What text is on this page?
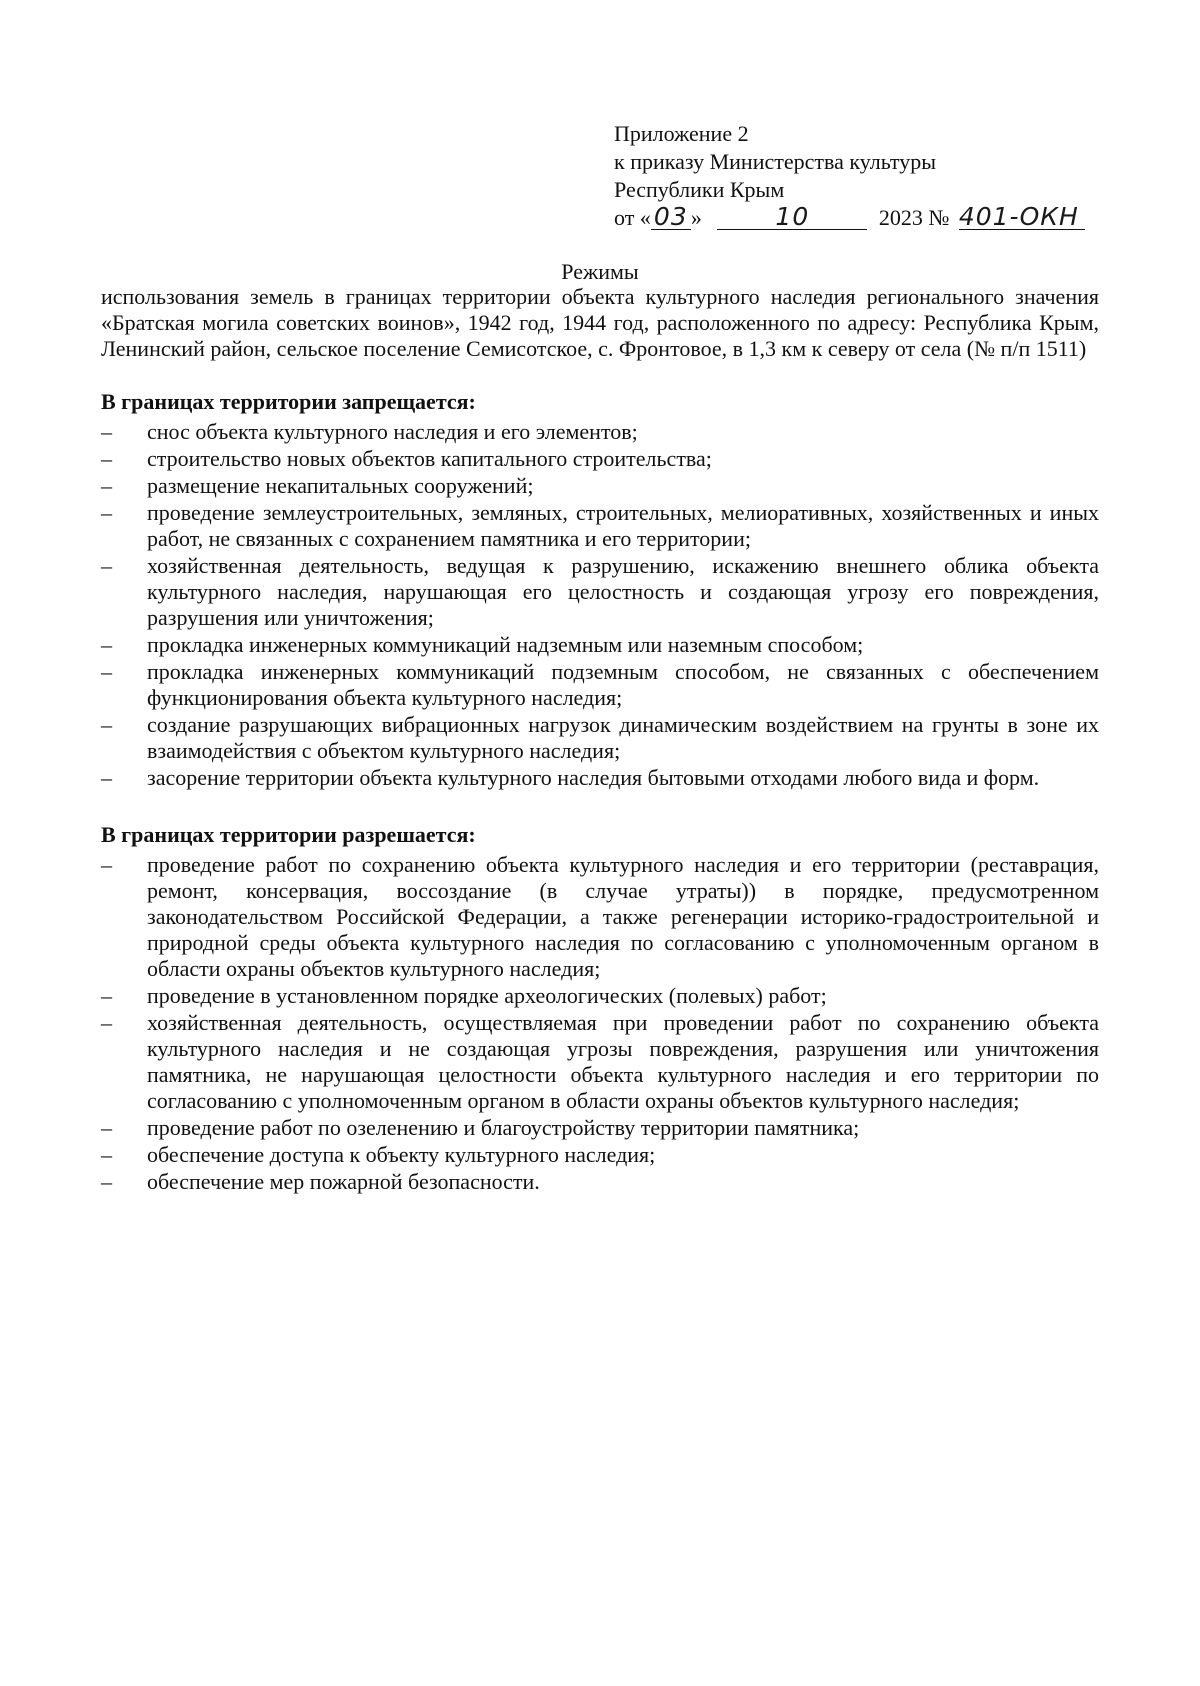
Приложение 2
к приказу Министерства культуры
Республики Крым
от « 03 »	10	2023 № 401-ОКН
Режимы

использования земель в границах территории объекта культурного наследия регионального значения «Братская могила советских воинов», 1942 год, 1944 год, расположенного по адресу: Республика Крым, Ленинский район, сельское поселение Семисотское, с. Фронтовое, в 1,3 км к северу от села (№ п/п 1511)

В границах территории запрещается:
–	снос объекта культурного наследия и его элементов;
–	строительство новых объектов капитального строительства;
–	размещение некапитальных сооружений;
–	проведение землеустроительных, земляных, строительных, мелиоративных, хозяйственных и иных работ, не связанных с сохранением памятника и его территории;
–	хозяйственная деятельность, ведущая к разрушению, искажению внешнего облика объекта культурного наследия, нарушающая его целостность и создающая угрозу его повреждения, разрушения или уничтожения;
–	прокладка инженерных коммуникаций надземным или наземным способом;
–	прокладка инженерных коммуникаций подземным способом, не связанных с обеспечением функционирования объекта культурного наследия;
–	создание разрушающих вибрационных нагрузок динамическим воздействием на грунты в зоне их взаимодействия с объектом культурного наследия;
–	засорение территории объекта культурного наследия бытовыми отходами любого вида и форм.
В границах территории разрешается:
–	проведение работ по сохранению объекта культурного наследия и его территории (реставрация, ремонт, консервация, воссоздание (в случае утраты)) в порядке, предусмотренном законодательством Российской Федерации, а также регенерации историко-градостроительной и природной среды объекта культурного наследия по согласованию с уполномоченным органом в области охраны объектов культурного наследия;
–	проведение в установленном порядке археологических (полевых) работ;
–	хозяйственная деятельность, осуществляемая при проведении работ по сохранению объекта культурного наследия и не создающая угрозы повреждения, разрушения или уничтожения памятника, не нарушающая целостности объекта культурного наследия и его территории по согласованию с уполномоченным органом в области охраны объектов культурного наследия;
–	проведение работ по озеленению и благоустройству территории памятника;
–	обеспечение доступа к объекту культурного наследия;
–	обеспечение мер пожарной безопасности.
